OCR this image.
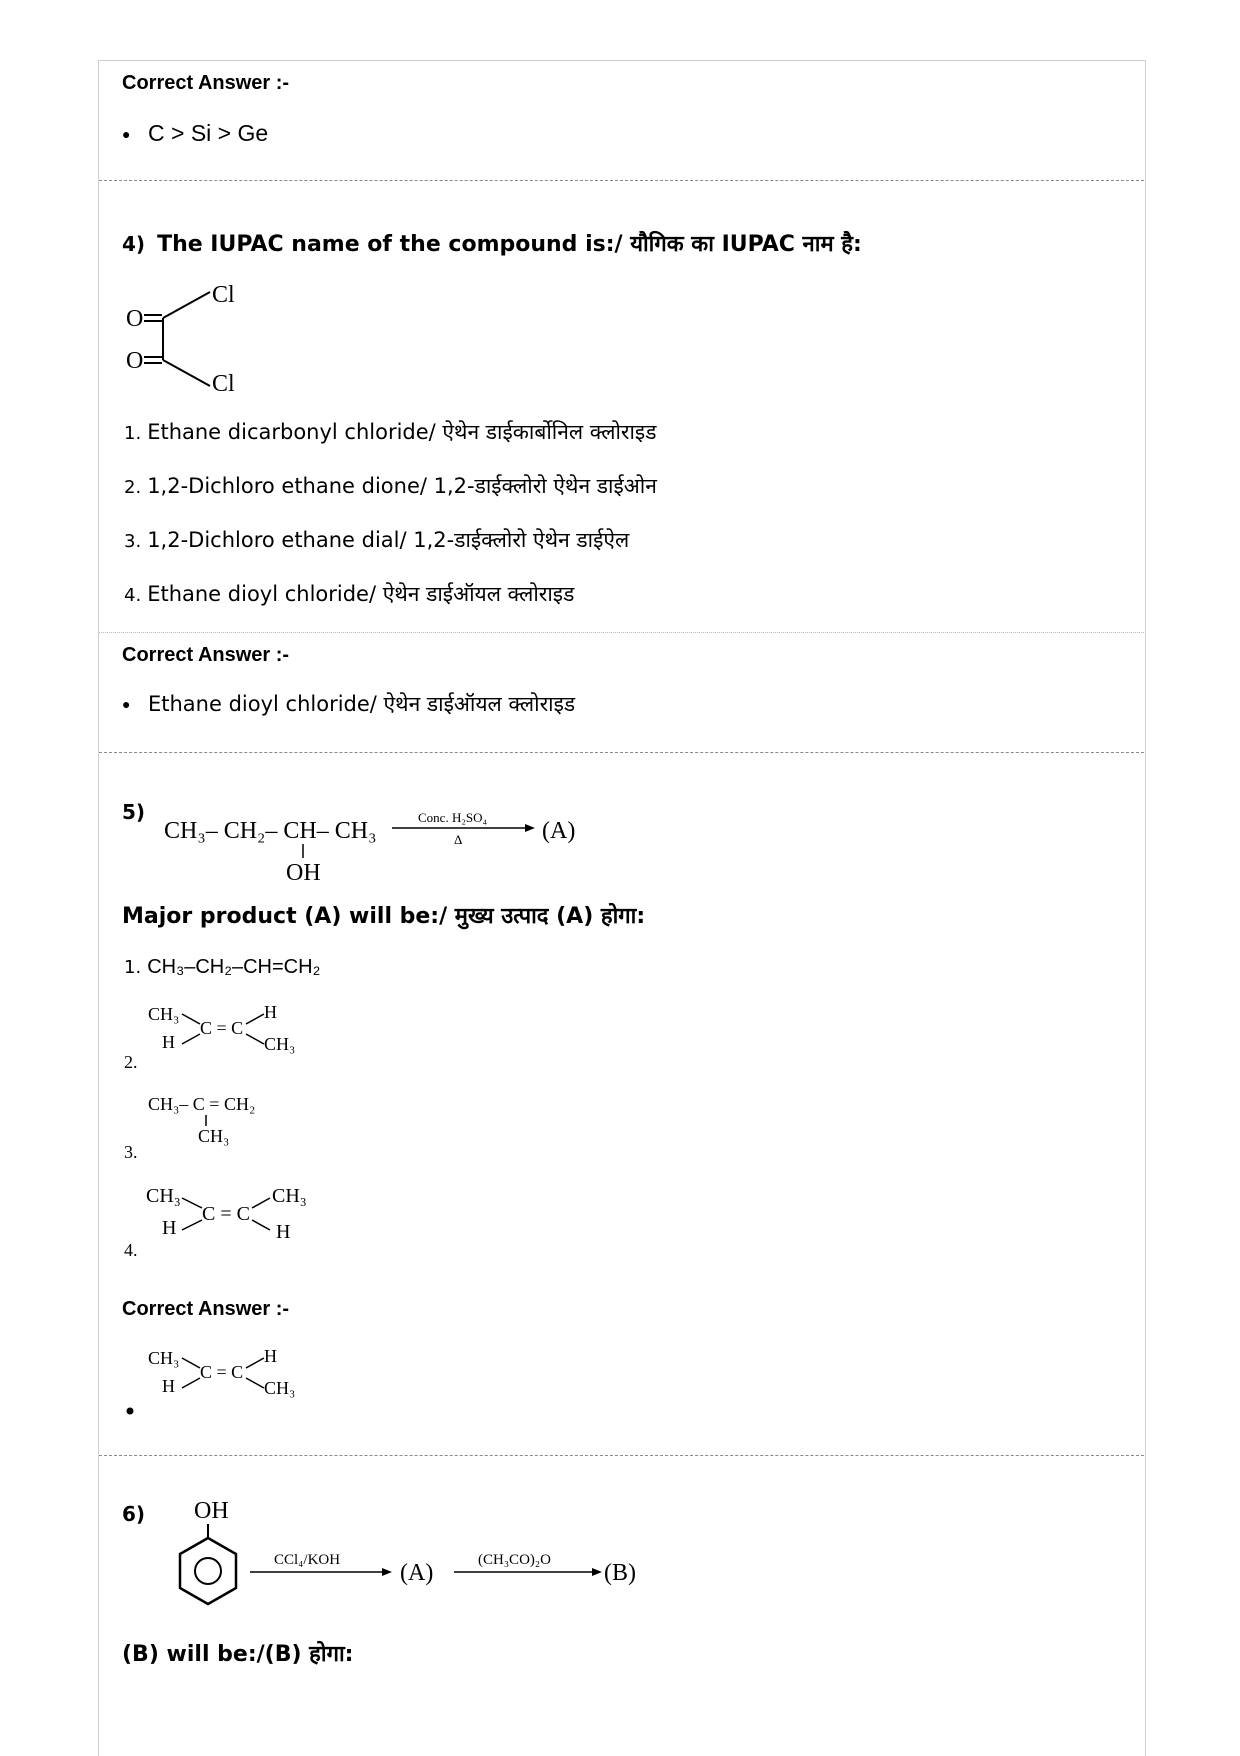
Correct Answer :-
● C > Si > Ge
4) The IUPAC name of the compound is:/ यौगिक का IUPAC नाम है:
O
O
Cl
Cl
1. Ethane dicarbonyl chloride/ ऐथेन डाईकार्बोनिल क्लोराइड
2. 1,2-Dichloro ethane dione/ 1,2-डाईक्लोरो ऐथेन डाईओन
3. 1,2-Dichloro ethane dial/ 1,2-डाईक्लोरो ऐथेन डाईऐल
4. Ethane dioyl chloride/ ऐथेन डाईऑयल क्लोराइड
Correct Answer :-
● Ethane dioyl chloride/ ऐथेन डाईऑयल क्लोराइड
5)
CH₃– CH₂– CH– CH₃
OH
Conc. H₂SO₄
Δ	(A)
Major product (A) will be:/ मुख्य उत्पाद (A) होगा:
1. CH₃–CH₂–CH=CH₂
CH₃
H
C = C
H
CH₃
2.
CH₃– C = CH₂
CH₃
3.
CH₃
H
C = C
CH₃
H
4.
Correct Answer :-
CH₃
H
C = C
H
CH₃
6) OH
CCl₄/KOH (A)	(CH₃CO)₂O (B)
(B) will be:/(B) होगा:
